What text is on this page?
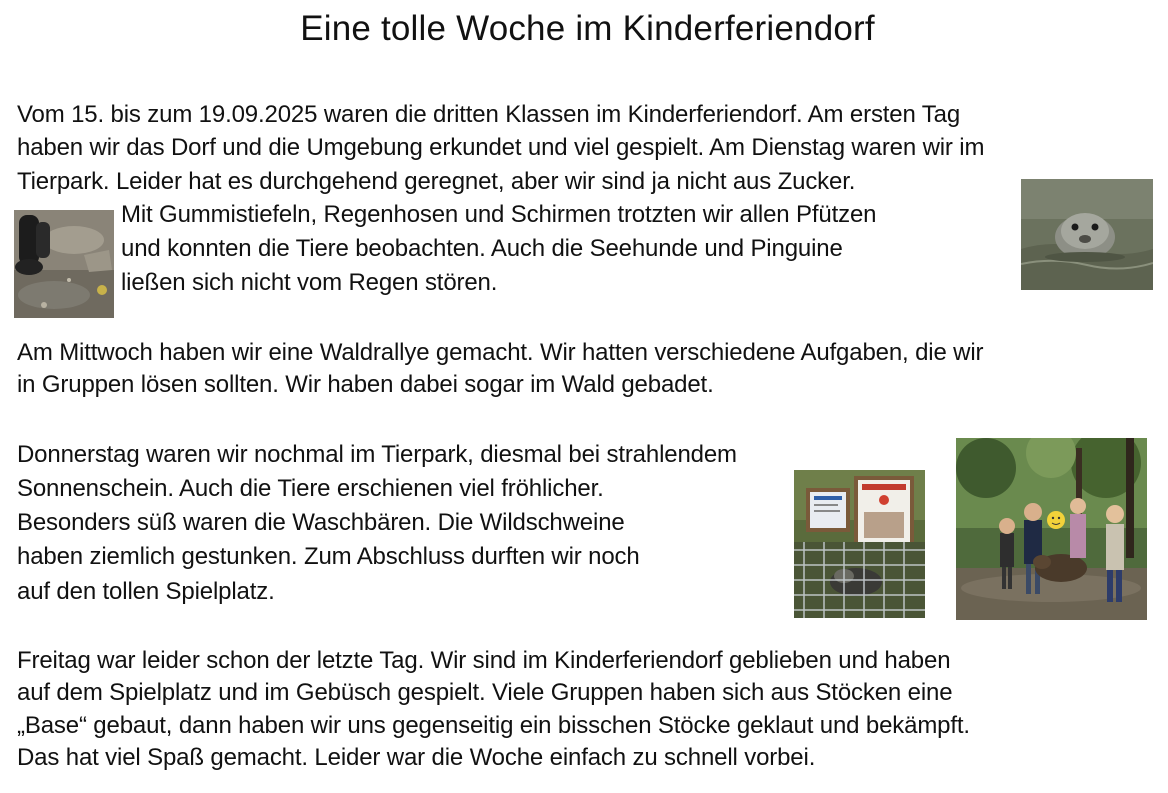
Eine tolle Woche im Kinderferiendorf
Vom 15. bis zum 19.09.2025 waren die dritten Klassen im Kinderferiendorf. Am ersten Tag
haben wir das Dorf und die Umgebung erkundet und viel gespielt. Am Dienstag waren wir im
Tierpark. Leider hat es durchgehend geregnet, aber wir sind ja nicht aus Zucker.
Mit Gummistiefeln, Regenhosen und Schirmen trotzten wir allen Pfützen
und konnten die Tiere beobachten. Auch die Seehunde und Pinguine
ließen sich nicht vom Regen stören.
Am Mittwoch haben wir eine Waldrallye gemacht. Wir hatten verschiedene Aufgaben, die wir
in Gruppen lösen sollten. Wir haben dabei sogar im Wald gebadet.
Donnerstag waren wir nochmal im Tierpark, diesmal bei strahlendem
Sonnenschein. Auch die Tiere erschienen viel fröhlicher.
Besonders süß waren die Waschbären. Die Wildschweine
haben ziemlich gestunken. Zum Abschluss durften wir noch
auf den tollen Spielplatz.
Freitag war leider schon der letzte Tag. Wir sind im Kinderferiendorf geblieben und haben
auf dem Spielplatz und im Gebüsch gespielt. Viele Gruppen haben sich aus Stöcken eine
„Base“ gebaut, dann haben wir uns gegenseitig ein bisschen Stöcke geklaut und bekämpft.
Das hat viel Spaß gemacht. Leider war die Woche einfach zu schnell vorbei.
